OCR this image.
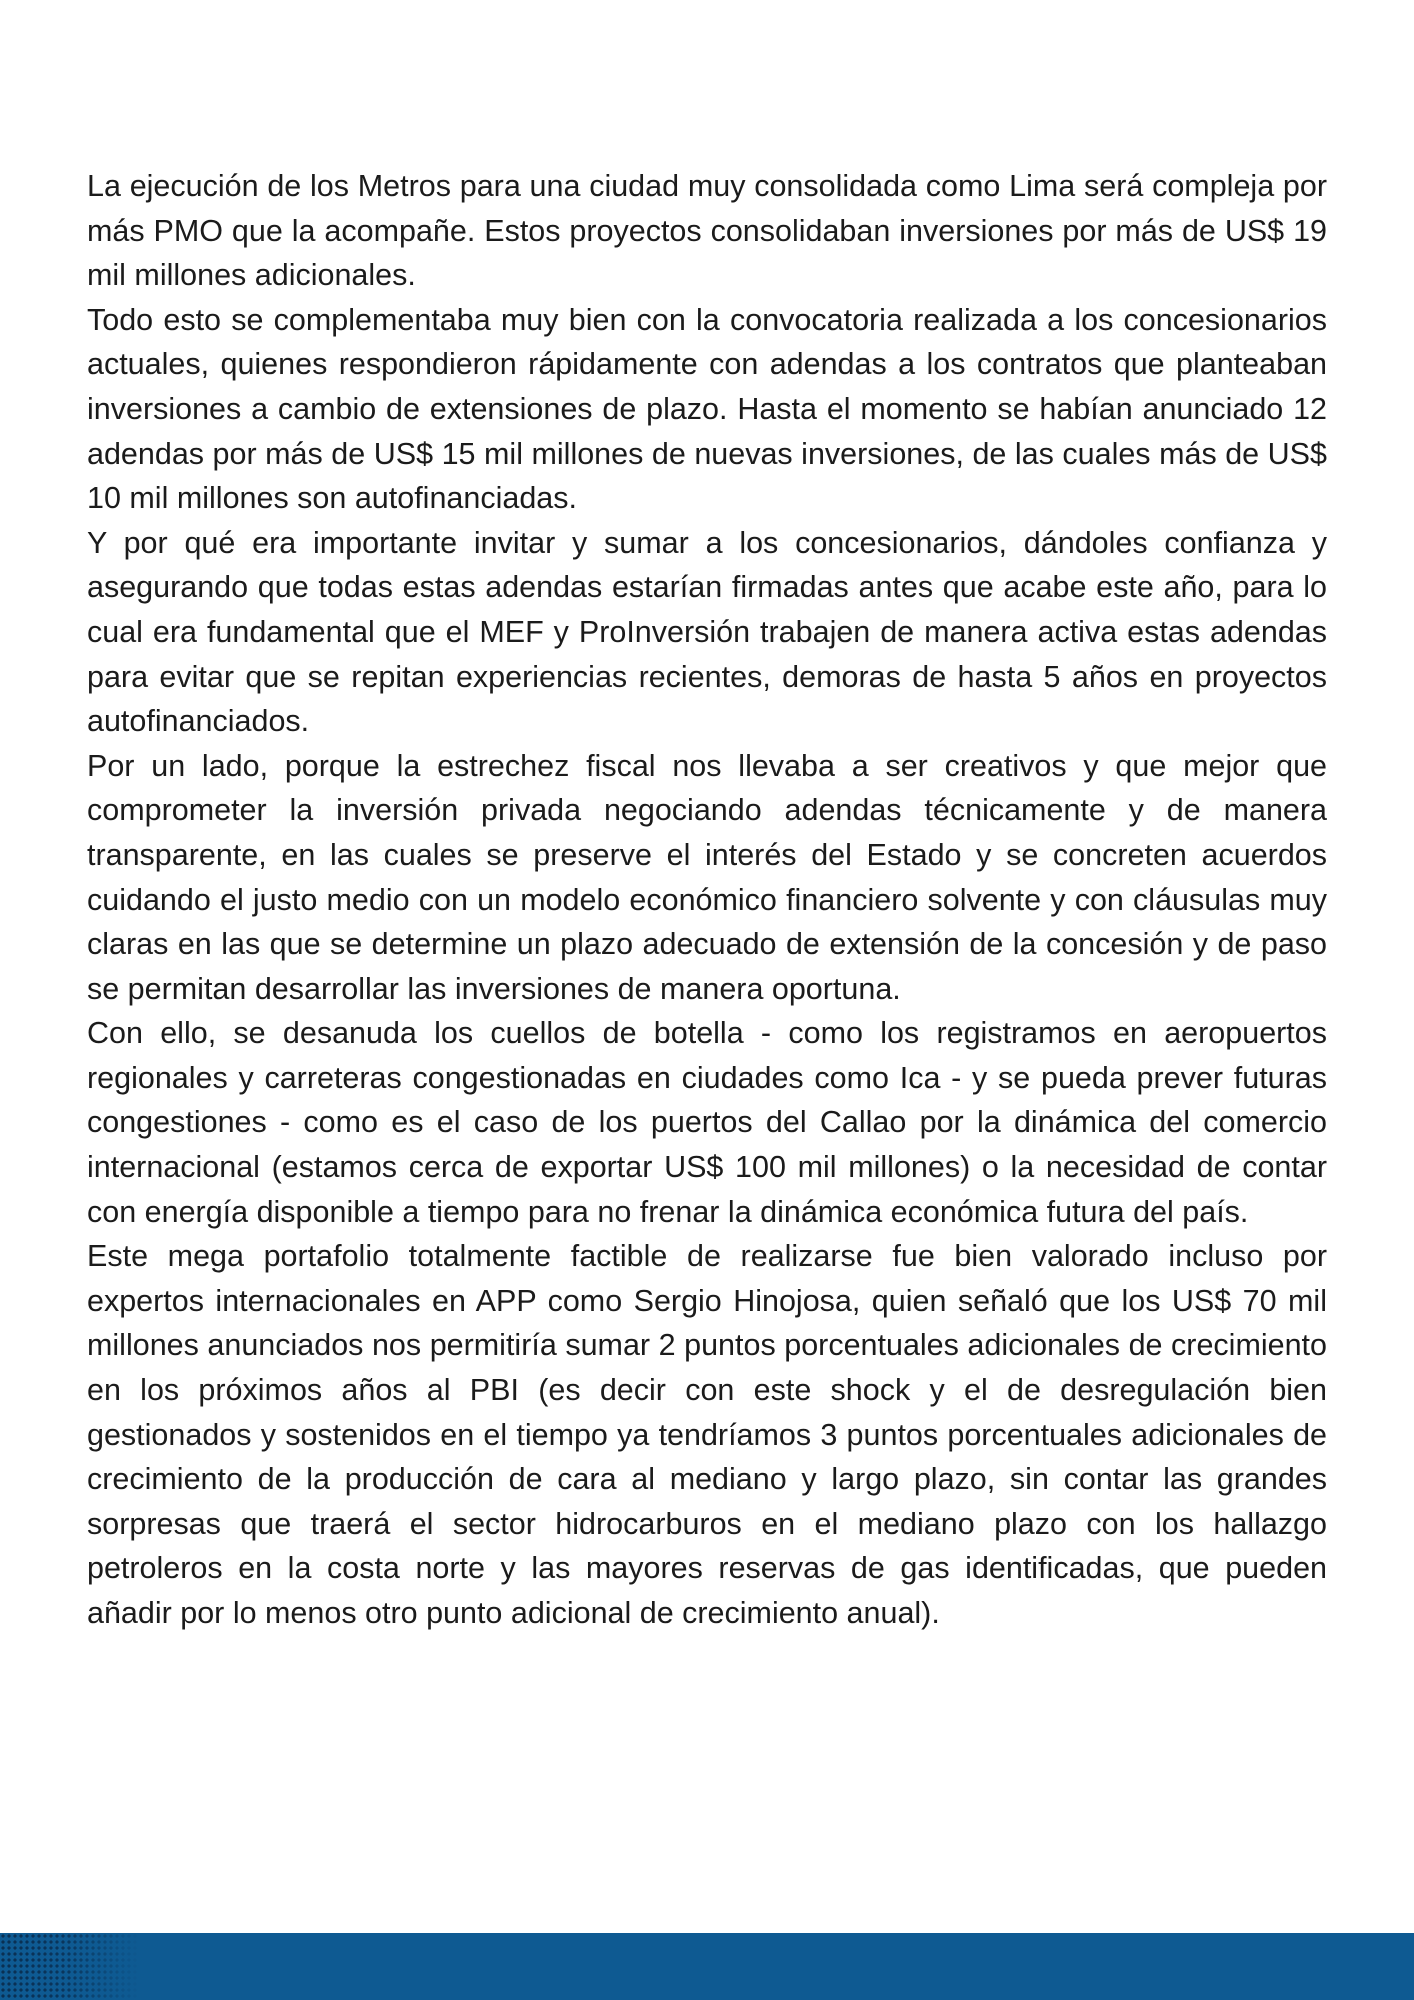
La ejecución de los Metros para una ciudad muy consolidada como Lima será compleja por más PMO que la acompañe. Estos proyectos consolidaban inversiones por más de US$ 19 mil millones adicionales.

Todo esto se complementaba muy bien con la convocatoria realizada a los concesionarios actuales, quienes respondieron rápidamente con adendas a los contratos que planteaban inversiones a cambio de extensiones de plazo. Hasta el momento se habían anunciado 12 adendas por más de US$ 15 mil millones de nuevas inversiones, de las cuales más de US$ 10 mil millones son autofinanciadas.

Y por qué era importante invitar y sumar a los concesionarios, dándoles confianza y asegurando que todas estas adendas estarían firmadas antes que acabe este año, para lo cual era fundamental que el MEF y ProInversión trabajen de manera activa estas adendas para evitar que se repitan experiencias recientes, demoras de hasta 5 años en proyectos autofinanciados.

Por un lado, porque la estrechez fiscal nos llevaba a ser creativos y que mejor que comprometer la inversión privada negociando adendas técnicamente y de manera transparente, en las cuales se preserve el interés del Estado y se concreten acuerdos cuidando el justo medio con un modelo económico financiero solvente y con cláusulas muy claras en las que se determine un plazo adecuado de extensión de la concesión y de paso se permitan desarrollar las inversiones de manera oportuna.

Con ello, se desanuda los cuellos de botella - como los registramos en aeropuertos regionales y carreteras congestionadas en ciudades como Ica - y se pueda prever futuras congestiones - como es el caso de los puertos del Callao por la dinámica del comercio internacional (estamos cerca de exportar US$ 100 mil millones) o la necesidad de contar con energía disponible a tiempo para no frenar la dinámica económica futura del país.

Este mega portafolio totalmente factible de realizarse fue bien valorado incluso por expertos internacionales en APP como Sergio Hinojosa, quien señaló que los US$ 70 mil millones anunciados nos permitiría sumar 2 puntos porcentuales adicionales de crecimiento en los próximos años al PBI (es decir con este shock y el de desregulación bien gestionados y sostenidos en el tiempo ya tendríamos 3 puntos porcentuales adicionales de crecimiento de la producción de cara al mediano y largo plazo, sin contar las grandes sorpresas que traerá el sector hidrocarburos en el mediano plazo con los hallazgo petroleros en la costa norte y las mayores reservas de gas identificadas, que pueden añadir por lo menos otro punto adicional de crecimiento anual).
